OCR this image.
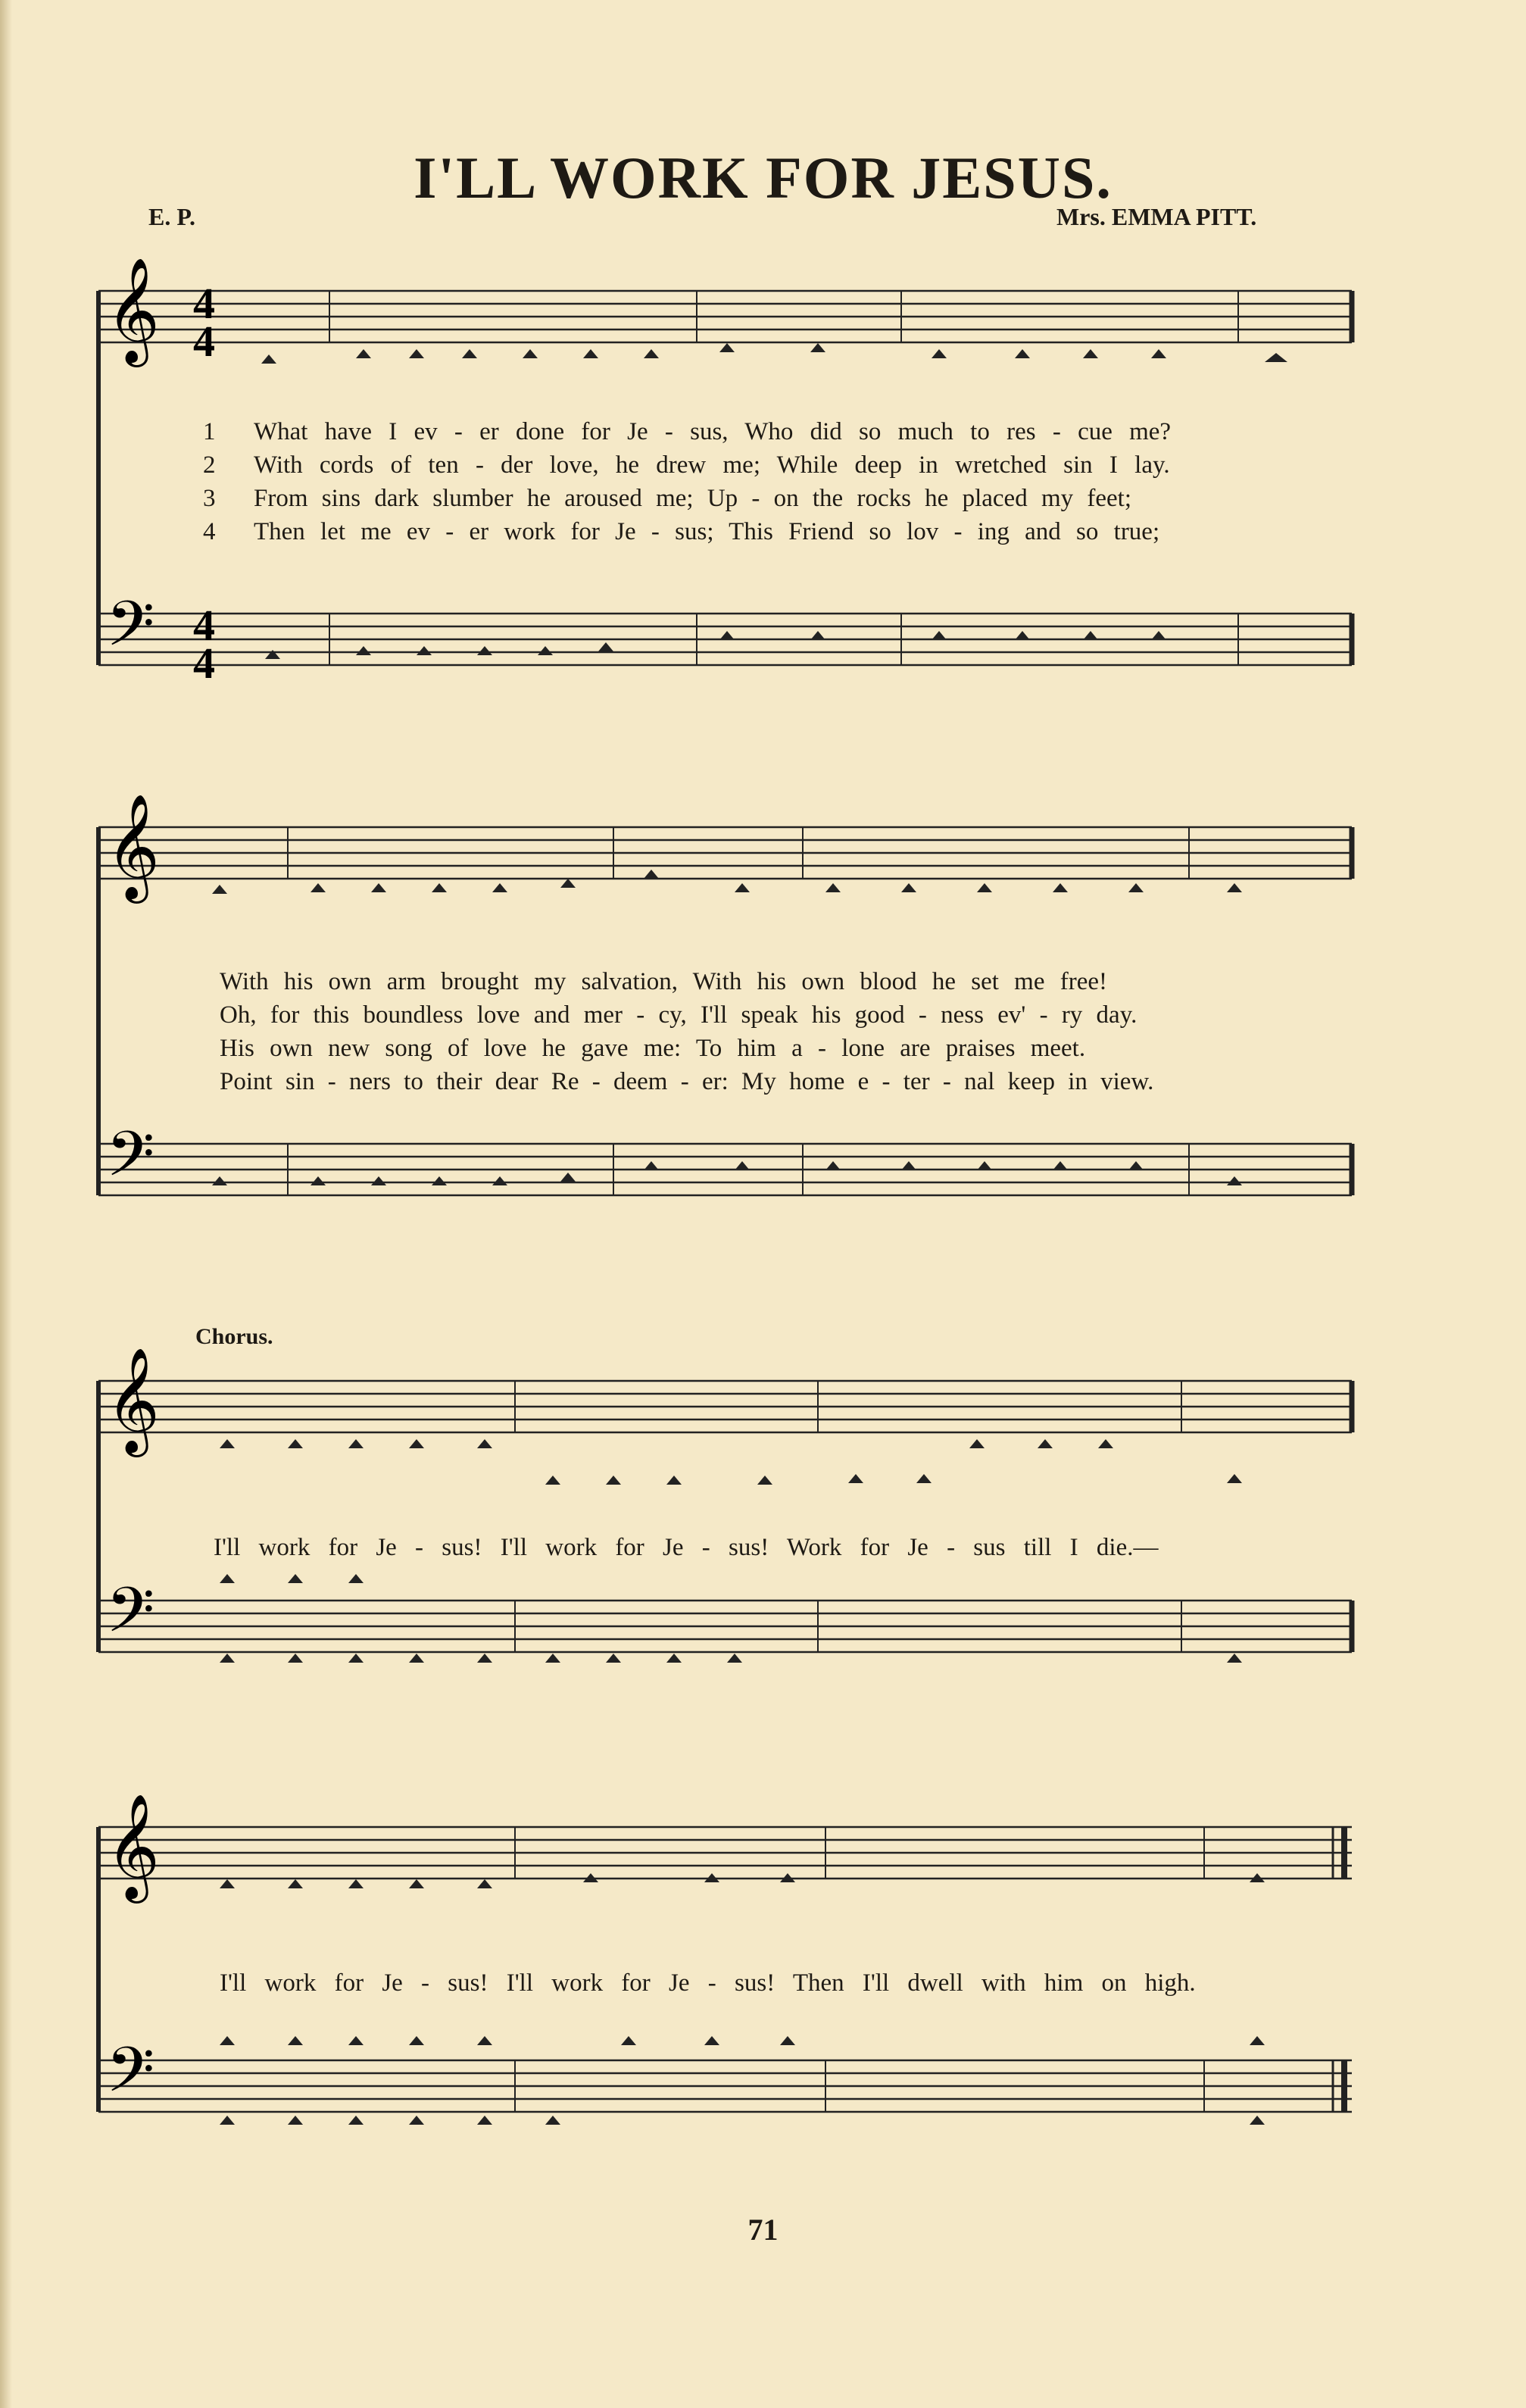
I'LL WORK FOR JESUS.
E. P.	Mrs. EMMA PITT.
𝄞
𝄢
4
4
4
4
𝄞
𝄢
𝄞
𝄢
𝄞
𝄢
1
2
3
4
What have I ev - er done for Je - sus, Who did so much to res - cue me?
With cords of ten - der love, he drew me; While deep in wretched sin I lay.
From sins dark slumber he aroused me; Up - on the rocks he placed my feet;
Then let me ev - er work for Je - sus; This Friend so lov - ing and so true;
With his own arm brought my salvation, With his own blood he set me free!
Oh, for this boundless love and mer - cy, I'll speak his good - ness ev' - ry day.
His own new song of love he gave me: To him a - lone are praises meet.
Point sin - ners to their dear Re - deem - er: My home e - ter - nal keep in view.
Chorus.
I'll work for Je - sus! I'll work for Je - sus! Work for Je - sus till I die.—
I'll work for Je - sus! I'll work for Je - sus! Then I'll dwell with him on high.
71
